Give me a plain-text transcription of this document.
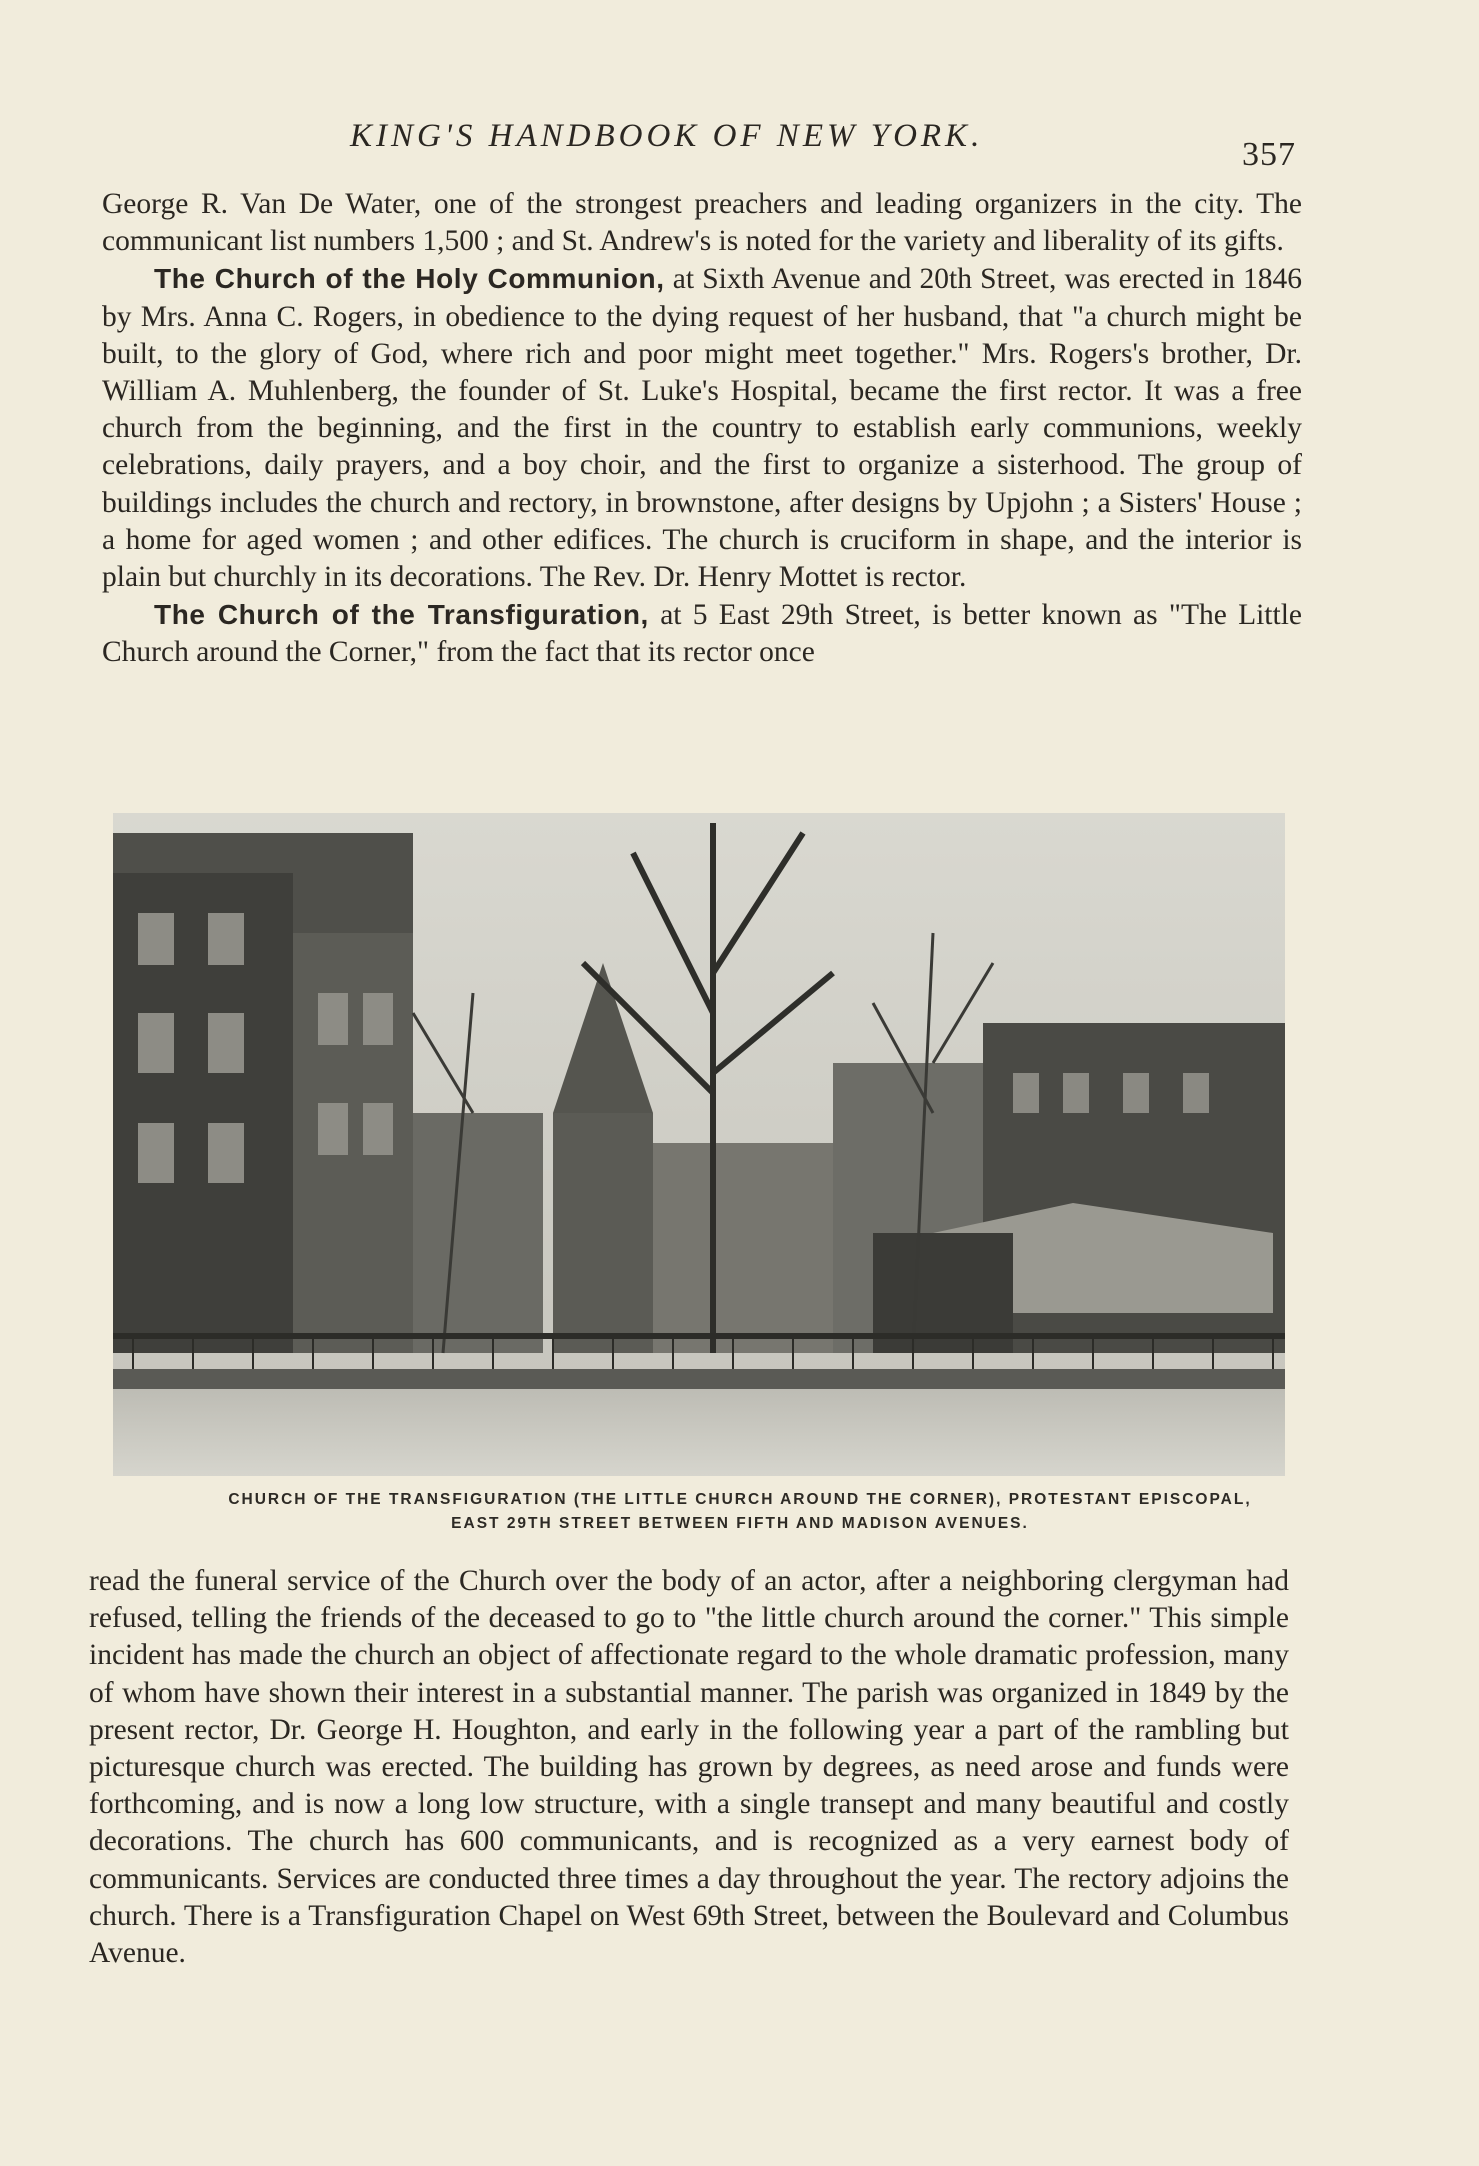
KING'S HANDBOOK OF NEW YORK.	357

George R. Van De Water, one of the strongest preachers and leading organizers in the city. The communicant list numbers 1,500 ; and St. Andrew's is noted for the variety and liberality of its gifts.

The Church of the Holy Communion, at Sixth Avenue and 20th Street, was erected in 1846 by Mrs. Anna C. Rogers, in obedience to the dying request of her husband, that "a church might be built, to the glory of God, where rich and poor might meet together." Mrs. Rogers's brother, Dr. William A. Muhlenberg, the founder of St. Luke's Hospital, became the first rector. It was a free church from the beginning, and the first in the country to establish early communions, weekly celebrations, daily prayers, and a boy choir, and the first to organize a sisterhood. The group of buildings includes the church and rectory, in brownstone, after designs by Upjohn ; a Sisters' House ; a home for aged women ; and other edifices. The church is cruciform in shape, and the interior is plain but churchly in its decorations. The Rev. Dr. Henry Mottet is rector.

The Church of the Transfiguration, at 5 East 29th Street, is better known as "The Little Church around the Corner," from the fact that its rector once

CHURCH OF THE TRANSFIGURATION (THE LITTLE CHURCH AROUND THE CORNER), PROTESTANT EPISCOPAL,
EAST 29TH STREET BETWEEN FIFTH AND MADISON AVENUES.

read the funeral service of the Church over the body of an actor, after a neighboring clergyman had refused, telling the friends of the deceased to go to "the little church around the corner." This simple incident has made the church an object of affectionate regard to the whole dramatic profession, many of whom have shown their interest in a substantial manner. The parish was organized in 1849 by the present rector, Dr. George H. Houghton, and early in the following year a part of the rambling but picturesque church was erected. The building has grown by degrees, as need arose and funds were forthcoming, and is now a long low structure, with a single transept and many beautiful and costly decorations. The church has 600 communicants, and is recognized as a very earnest body of communicants. Services are conducted three times a day throughout the year. The rectory adjoins the church. There is a Transfiguration Chapel on West 69th Street, between the Boulevard and Columbus Avenue.
